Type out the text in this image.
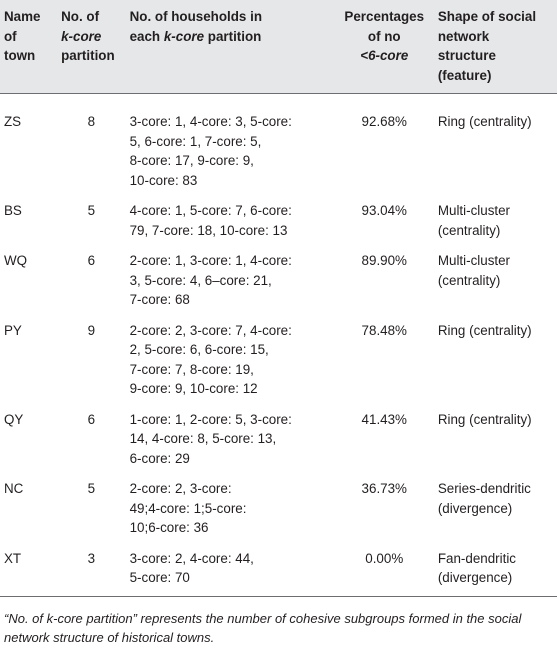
Name
of
town	No. of
k-core
partition	No. of households in
each k-core partition	Percentages
of no
<6-core	Shape of social
network
structure
(feature)
ZS	8	3-core: 1, 4-core: 3, 5-core:
5, 6-core: 1, 7-core: 5,
8-core: 17, 9-core: 9,
10-core: 83	92.68%	Ring (centrality)
BS	5	4-core: 1, 5-core: 7, 6-core:
79, 7-core: 18, 10-core: 13	93.04%	Multi-cluster
(centrality)
WQ	6	2-core: 1, 3-core: 1, 4-core:
3, 5-core: 4, 6–core: 21,
7-core: 68	89.90%	Multi-cluster
(centrality)
PY	9	2-core: 2, 3-core: 7, 4-core:
2, 5-core: 6, 6-core: 15,
7-core: 7, 8-core: 19,
9-core: 9, 10-core: 12	78.48%	Ring (centrality)
QY	6	1-core: 1, 2-core: 5, 3-core:
14, 4-core: 8, 5-core: 13,
6-core: 29	41.43%	Ring (centrality)
NC	5	2-core: 2, 3-core:
49;4-core: 1;5-core:
10;6-core: 36	36.73%	Series-dendritic
(divergence)
XT	3	3-core: 2, 4-core: 44,
5-core: 70	0.00%	Fan-dendritic
(divergence)
“No. of k-core partition” represents the number of cohesive subgroups formed in the social
network structure of historical towns.
